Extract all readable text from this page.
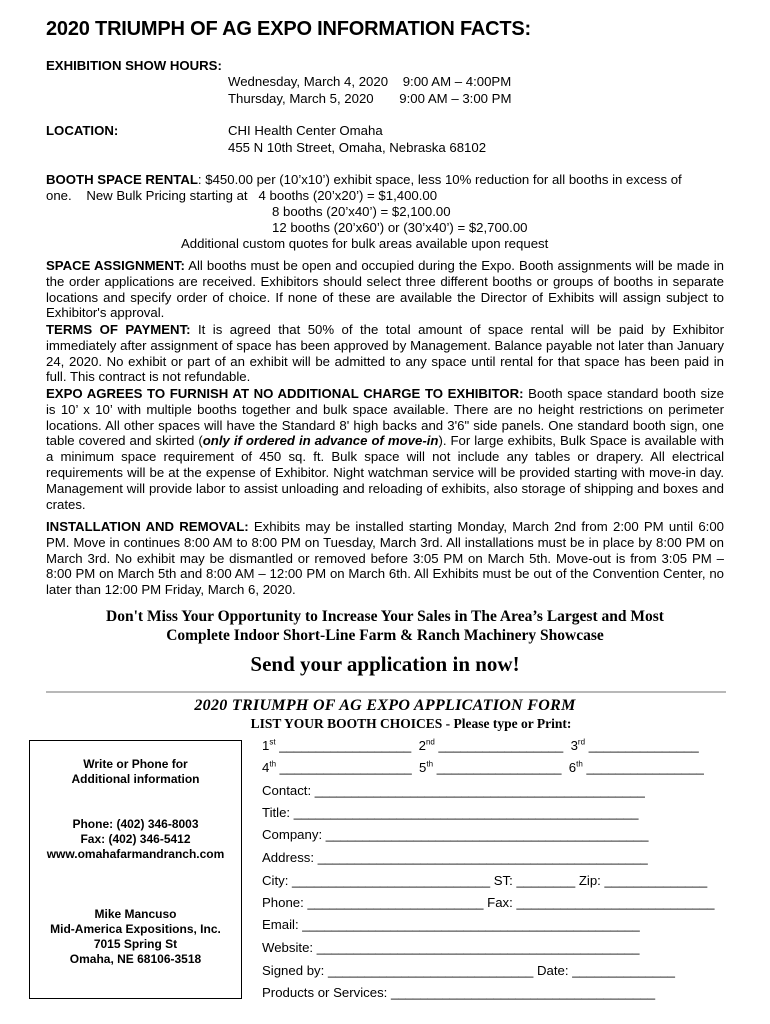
2020 TRIUMPH OF AG EXPO INFORMATION FACTS:
EXHIBITION SHOW HOURS:
Wednesday, March 4, 2020    9:00 AM – 4:00PM
Thursday, March 5, 2020       9:00 AM – 3:00 PM
LOCATION:	CHI Health Center Omaha
455 N 10th Street, Omaha, Nebraska 68102
BOOTH SPACE RENTAL: $450.00 per (10’x10’) exhibit space, less 10% reduction for all booths in excess of
one.    New Bulk Pricing starting at   4 booths (20’x20’) = $1,400.00
8 booths (20’x40’) = $2,100.00
12 booths (20’x60’) or (30’x40’) = $2,700.00
Additional custom quotes for bulk areas available upon request
SPACE ASSIGNMENT: All booths must be open and occupied during the Expo. Booth assignments will be made in the order applications are received. Exhibitors should select three different booths or groups of booths in separate locations and specify order of choice. If none of these are available the Director of Exhibits will assign subject to Exhibitor's approval.
TERMS OF PAYMENT: It is agreed that 50% of the total amount of space rental will be paid by Exhibitor immediately after assignment of space has been approved by Management. Balance payable not later than January 24, 2020. No exhibit or part of an exhibit will be admitted to any space until rental for that space has been paid in full. This contract is not refundable.
EXPO AGREES TO FURNISH AT NO ADDITIONAL CHARGE TO EXHIBITOR: Booth space standard booth size is 10’ x 10’ with multiple booths together and bulk space available. There are no height restrictions on perimeter locations. All other spaces will have the Standard 8' high backs and 3'6" side panels. One standard booth sign, one table covered and skirted (only if ordered in advance of move-in). For large exhibits, Bulk Space is available with a minimum space requirement of 450 sq. ft. Bulk space will not include any tables or drapery. All electrical requirements will be at the expense of Exhibitor. Night watchman service will be provided starting with move-in day. Management will provide labor to assist unloading and reloading of exhibits, also storage of shipping and boxes and crates.
INSTALLATION AND REMOVAL: Exhibits may be installed starting Monday, March 2nd from 2:00 PM until 6:00 PM. Move in continues 8:00 AM to 8:00 PM on Tuesday, March 3rd. All installations must be in place by 8:00 PM on March 3rd. No exhibit may be dismantled or removed before 3:05 PM on March 5th. Move-out is from 3:05 PM – 8:00 PM on March 5th and 8:00 AM – 12:00 PM on March 6th. All Exhibits must be out of the Convention Center, no later than 12:00 PM Friday, March 6, 2020.
Don't Miss Your Opportunity to Increase Your Sales in The Area’s Largest and Most
Complete Indoor Short-Line Farm & Ranch Machinery Showcase
Send your application in now!
2020 TRIUMPH OF AG EXPO APPLICATION FORM
LIST YOUR BOOTH CHOICES - Please type or Print:
Write or Phone for
Additional information
Phone: (402) 346-8003
Fax: (402) 346-5412
www.omahafarmandranch.com
Mike Mancuso
Mid-America Expositions, Inc.
7015 Spring St
Omaha, NE 68106-3518
1st __________________ 2nd _________________ 3rd _______________
4th __________________ 5th _________________ 6th ________________
Contact: _____________________________________________
Title: _______________________________________________
Company: ____________________________________________
Address: _____________________________________________
City: ___________________________ ST: ________ Zip: ______________
Phone: ________________________ Fax: ___________________________
Email: ______________________________________________
Website: ____________________________________________
Signed by: ____________________________ Date: ______________
Products or Services: ____________________________________
